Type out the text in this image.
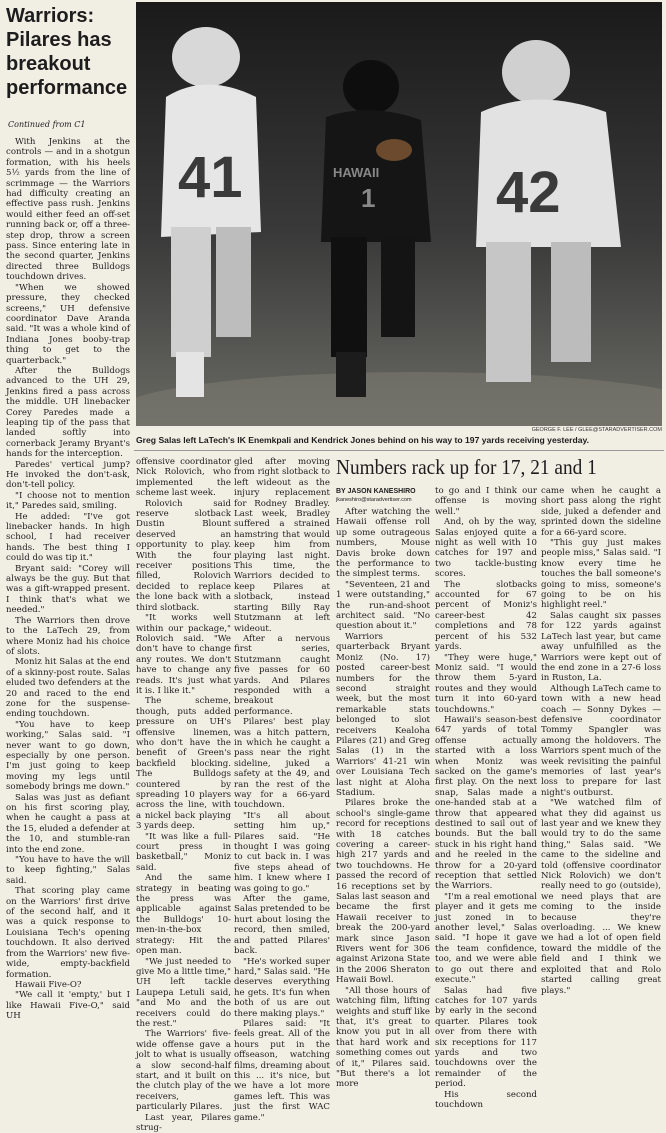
Warriors:
Pilares has
breakout
performance
Continued from C1

With Jenkins at the controls — and in a shotgun formation, with his heels 5½ yards from the line of scrimmage — the Warriors had difficulty creating an effective pass rush. Jenkins would either feed an off-set running back or, off a three-step drop, throw a screen pass. Since entering late in the second quarter, Jenkins directed three Bulldogs touchdown drives.

"When we showed pressure, they checked screens," UH defensive coordinator Dave Aranda said. "It was a whole kind of Indiana Jones booby-trap thing to get to the quarterback."

After the Bulldogs advanced to the UH 29, Jenkins fired a pass across the middle. UH linebacker Corey Paredes made a leaping tip of the pass that landed softly into cornerback Jeramy Bryant's hands for the interception.

Paredes' vertical jump? He invoked the don't-ask, don't-tell policy.

"I choose not to mention it," Paredes said, smiling.

He added: "I've got linebacker hands. In high school, I had receiver hands. The best thing I could do was tip it."

Bryant said: "Corey will always be the guy. But that was a gift-wrapped present. I think that's what we needed."

The Warriors then drove to the LaTech 29, from where Moniz had his choice of slots.

Moniz hit Salas at the end of a skinny-post route. Salas eluded two defenders at the 20 and raced to the end zone for the suspense-ending touchdown.

"You have to keep working," Salas said. "I never want to go down, especially by one person. I'm just going to keep moving my legs until somebody brings me down."

Salas was just as defiant on his first scoring play, when he caught a pass at the 15, eluded a defender at the 10, and stumble-ran into the end zone.

"You have to have the will to keep fighting," Salas said.

That scoring play came on the Warriors' first drive of the second half, and it was a quick response to Louisiana Tech's opening touchdown. It also derived from the Warriors' new five-wide, empty-backfield formation.

Hawaii Five-O?

"We call it 'empty,' but I like Hawaii Five-O," said UH

41	42
HAWAII
1
GEORGE F. LEE / GLEE@STARADVERTISER.COM
Greg Salas left LaTech's IK Enemkpali and Kendrick Jones behind on his way to 197 yards receiving yesterday.

offensive coordinator Nick Rolovich, who implemented the scheme last week.

Rolovich said reserve slotback Dustin Blount deserved an opportunity to play. With the four receiver positions filled, Rolovich decided to replace the lone back with a third slotback.

"It works well within our package," Rolovich said. "We don't have to change any routes. We don't have to change any reads. It's just what it is. I like it."

The scheme, though, puts added pressure on UH's offensive linemen, who don't have the benefit of Green's backfield blocking. The Bulldogs countered by spreading 10 players across the line, with a nickel back playing 3 yards deep.

"It was like a full-court press in basketball," Moniz said.

And the same strategy in beating the press was applicable against the Bulldogs' 10-men-in-the-box strategy: Hit the open man.

"We just needed to give Mo a little time," UH left tackle Laupepa Letuli said, "and Mo and the receivers could do the rest."

The Warriors' five-wide offense gave a jolt to what is usually a slow second-half start, and it built on the clutch play of the receivers, particularly Pilares.

Last year, Pilares strug-

gled after moving from right slotback to left wideout as the injury replacement for Rodney Bradley. Last week, Bradley suffered a strained hamstring that would keep him from playing last night. This time, the Warriors decided to keep Pilares at slotback, instead starting Billy Ray Stutzmann at left wideout.

After a nervous first series, Stutzmann caught five passes for 60 yards. And Pilares responded with a breakout performance.

Pilares' best play was a hitch pattern, in which he caught a pass near the right sideline, juked a safety at the 49, and ran the rest of the way for a 66-yard touchdown.

"It's all about setting him up," Pilares said. "He thought I was going to cut back in. I was five steps ahead of him. I knew where I was going to go."

After the game, Salas pretended to be hurt about losing the record, then smiled, and patted Pilares' back.

"He's worked super hard," Salas said. "He deserves everything he gets. It's fun when both of us are out there making plays."

Pilares said: "It feels great. All of the hours put in the offseason, watching films, dreaming about this ... it's nice, but we have a lot more games left. This was just the first WAC game."

Numbers rack up for 17, 21 and 1
BY JASON KANESHIRO
jkaneshiro@staradvertiser.com

After watching the Hawaii offense roll up some outrageous numbers, Mouse Davis broke down the performance to the simplest terms.

"Seventeen, 21 and 1 were outstanding," the run-and-shoot architect said. "No question about it."

Warriors quarterback Bryant Moniz (No. 17) posted career-best numbers for the second straight week, but the most remarkable stats belonged to slot receivers Kealoha Pilares (21) and Greg Salas (1) in the Warriors' 41-21 win over Louisiana Tech last night at Aloha Stadium.

Pilares broke the school's single-game record for receptions with 18 catches covering a career-high 217 yards and two touchdowns. He passed the record of 16 receptions set by Salas last season and became the first Hawaii receiver to break the 200-yard mark since Jason Rivers went for 306 against Arizona State in the 2006 Sheraton Hawaii Bowl.

"All those hours of watching film, lifting weights and stuff like that, it's great to know you put in all that hard work and something comes out of it," Pilares said. "But there's a lot more

to go and I think our offense is moving well."

And, oh by the way, Salas enjoyed quite a night as well with 10 catches for 197 and two tackle-busting scores.

The slotbacks accounted for 67 percent of Moniz's career-best 42 completions and 78 percent of his 532 yards.

"They were huge," Moniz said. "I would throw them 5-yard routes and they would turn it into 60-yard touchdowns."

Hawaii's season-best 647 yards of total offense actually started with a loss when Moniz was sacked on the game's first play. On the next snap, Salas made a one-handed stab at a throw that appeared destined to sail out of bounds. But the ball stuck in his right hand and he reeled in the throw for a 20-yard reception that settled the Warriors.

"I'm a real emotional player and it gets me just zoned in to another level," Salas said. "I hope it gave the team confidence, too, and we were able to go out there and execute."

Salas had five catches for 107 yards by early in the second quarter. Pilares took over from there with six receptions for 117 yards and two touchdowns over the remainder of the period.

His second touchdown

came when he caught a short pass along the right side, juked a defender and sprinted down the sideline for a 66-yard score.

"This guy just makes people miss," Salas said. "I know every time he touches the ball someone's going to miss, someone's going to be on his highlight reel."

Salas caught six passes for 122 yards against LaTech last year, but came away unfulfilled as the Warriors were kept out of the end zone in a 27-6 loss in Ruston, La.

Although LaTech came to town with a new head coach — Sonny Dykes — defensive coordinator Tommy Spangler was among the holdovers. The Warriors spent much of the week revisiting the painful memories of last year's loss to prepare for last night's outburst.

"We watched film of what they did against us last year and we knew they would try to do the same thing," Salas said. "We came to the sideline and told (offensive coordinator Nick Rolovich) we don't really need to go (outside), we need plays that are coming to the inside because they're overloading. ... We knew we had a lot of open field toward the middle of the field and I think we exploited that and Rolo started calling great plays."
